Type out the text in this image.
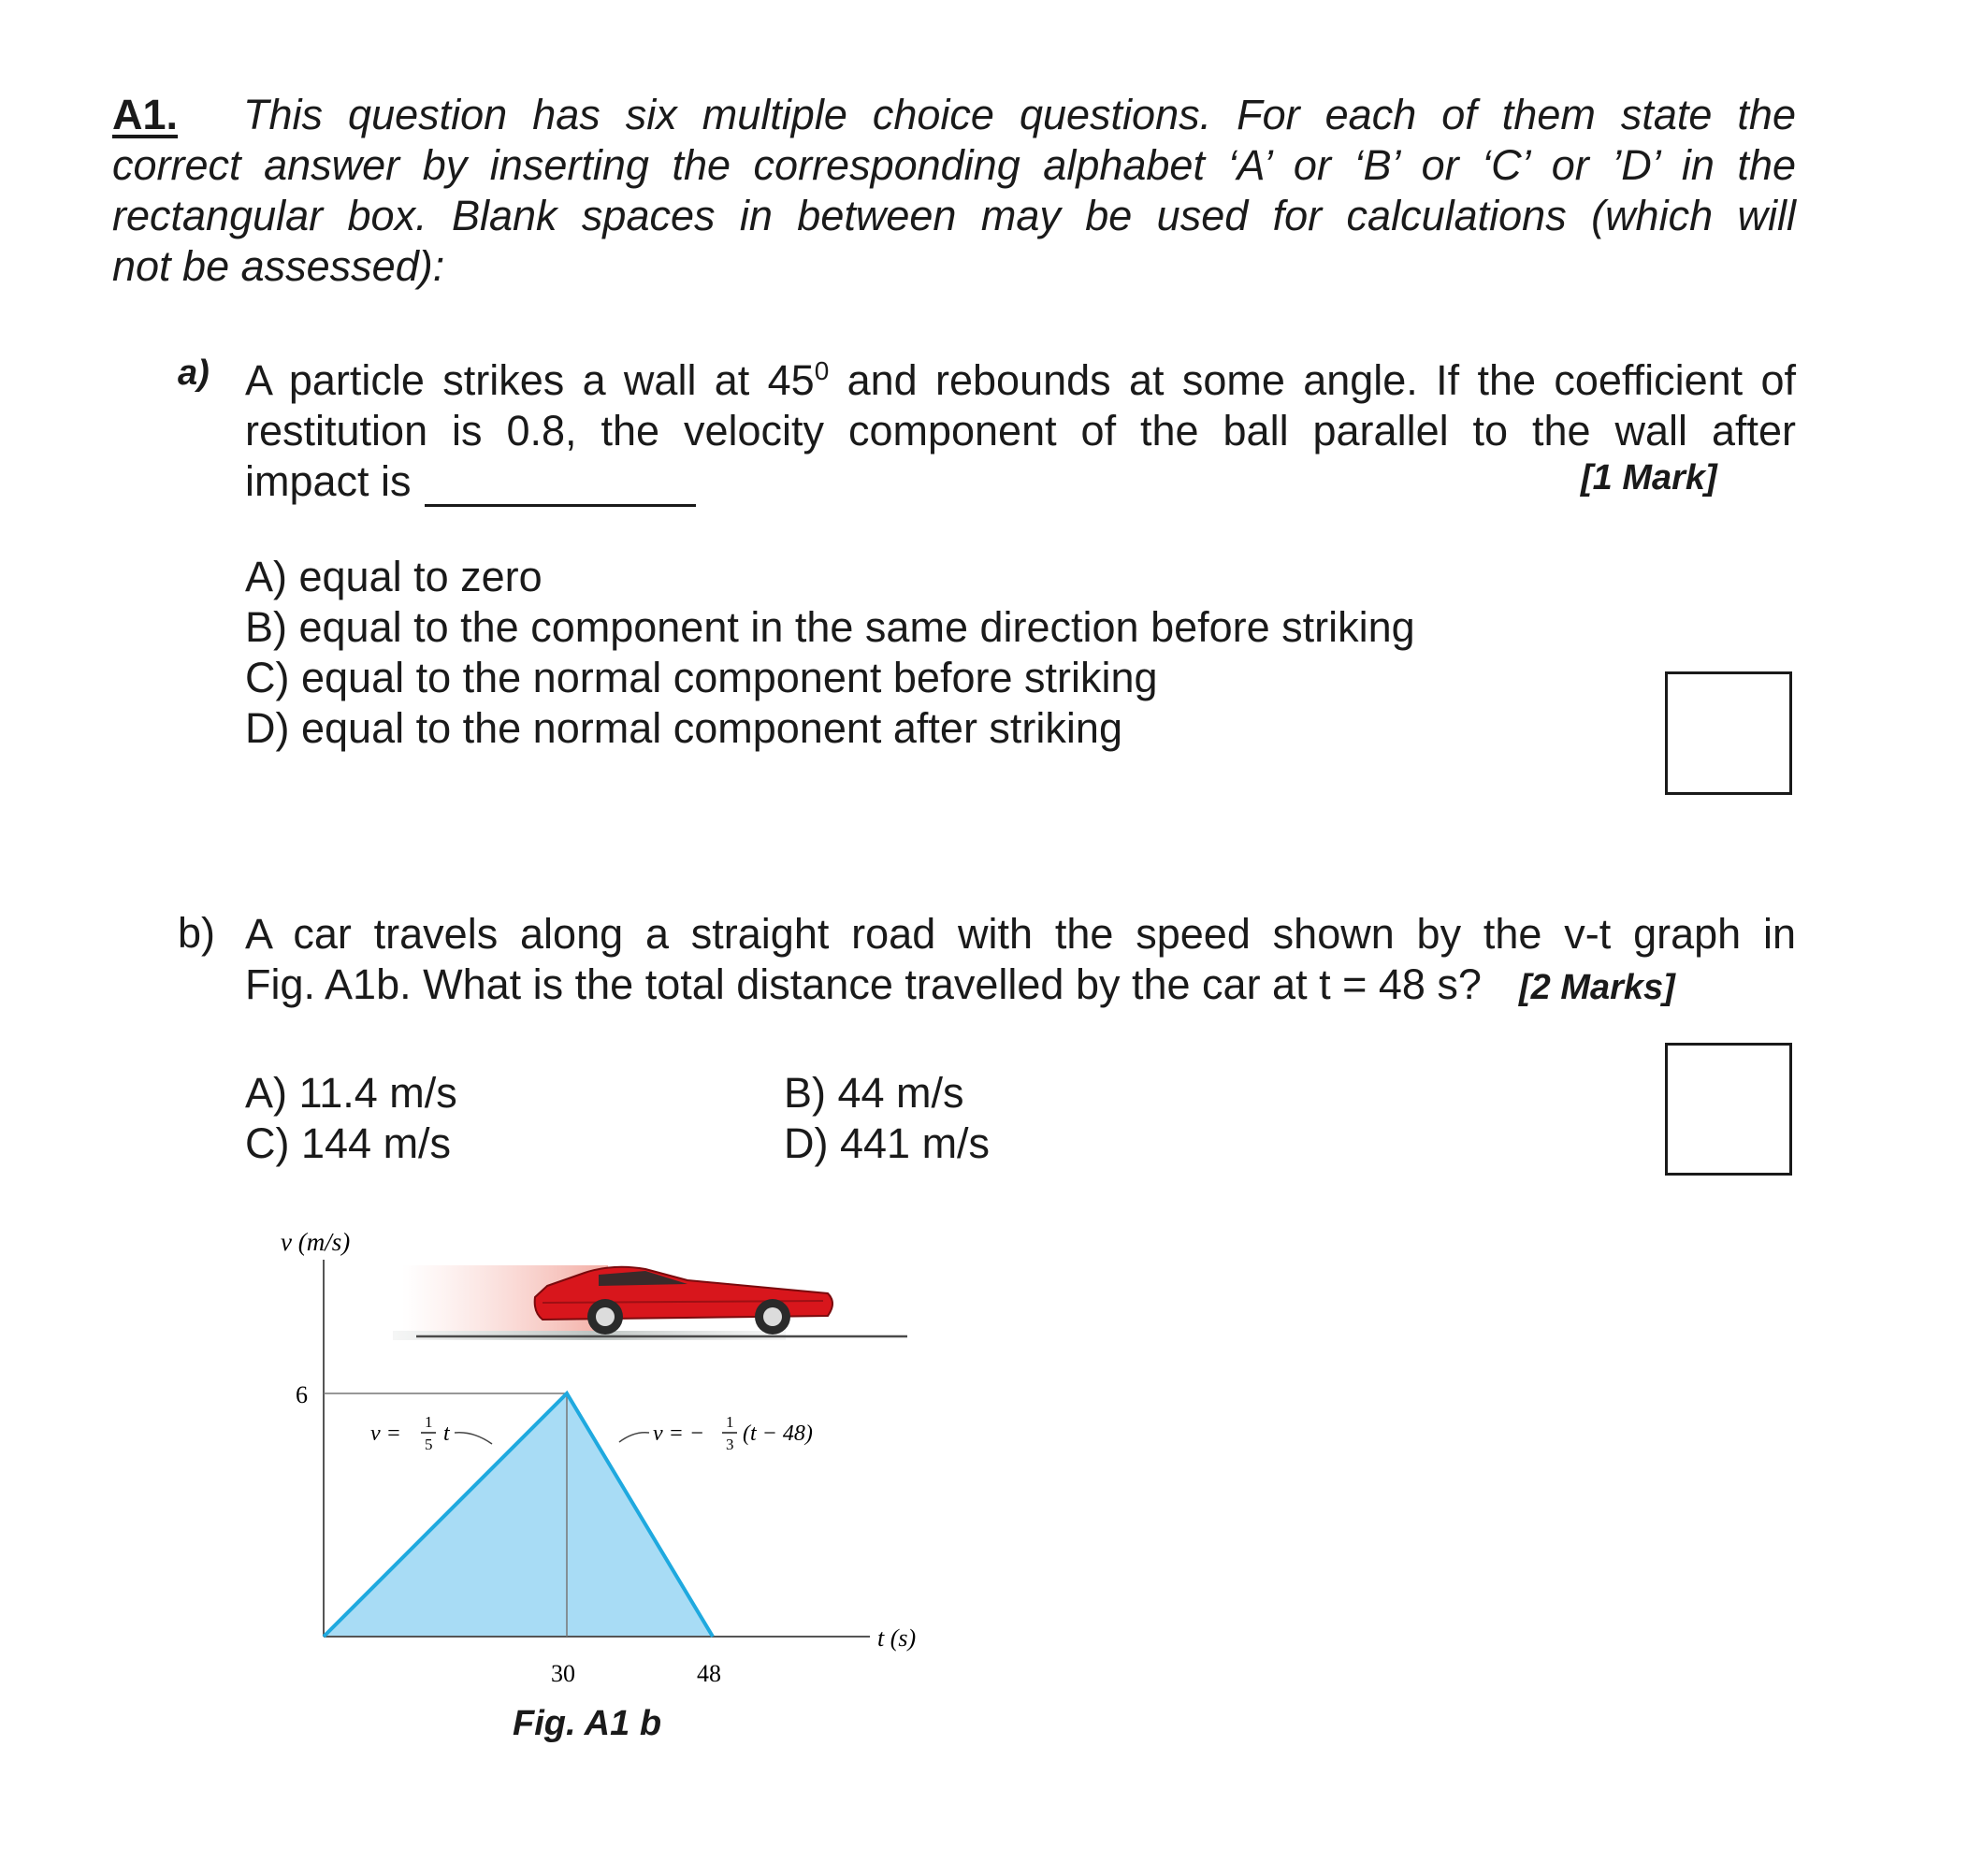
A1. This question has six multiple choice questions. For each of them state the
correct answer by inserting the corresponding alphabet ‘A’ or ‘B’ or ‘C’ or ’D’ in the
rectangular box. Blank spaces in between may be used for calculations (which will
not be assessed):
a) A particle strikes a wall at $45^0$ and rebounds at some angle. If the coefficient of
restitution is 0.8, the velocity component of the ball parallel to the wall after
impact is	[1 Mark]
A) equal to zero
B) equal to the component in the same direction before striking
C) equal to the normal component before striking
D) equal to the normal component after striking
b) A car travels along a straight road with the speed shown by the v-t graph in
Fig. A1b. What is the total distance travelled by the car at t = 48 s? [2 Marks]
A) 11.4 m/s	B) 44 m/s
C) 144 m/s	D) 441 m/s
v (m/s)
6
30	48
t (s)
v = 1
5 t	v = − 1
3 (t − 48)
Fig. A1 b
